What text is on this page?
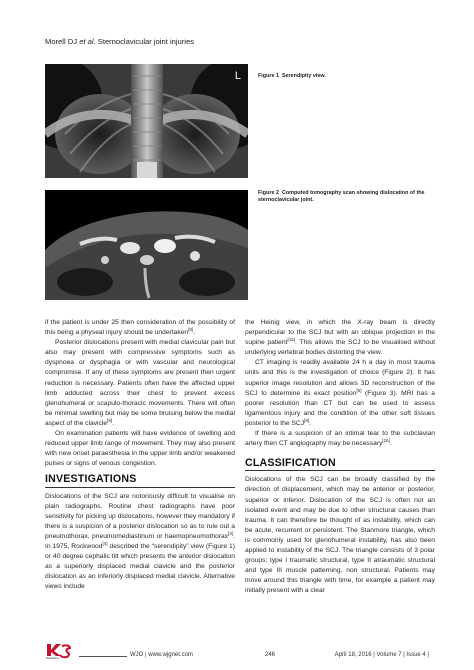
Morell DJ et al. Sternoclavicular joint injuries
L	Figure 1 Serendipity view.
Figure 2 Computed tomography scan showing dislocation of the sternoclavicular joint.

if the patient is under 25 then consideration of the possibility of this being a physeal injury should be undertaken[8].

Posterior dislocations present with medial clavicular pain but also may present with compressive symptoms such as dyspnoea or dysphagia or with vascular and neurological compromise. If any of these symptoms are present then urgent reduction is necessary. Patients often have the affected upper limb adducted across their chest to prevent excess glenohumeral or scapulo-thoracic movements. There will often be minimal swelling but may be some bruising below the medial aspect of the clavicle[9].

On examination patients will have evidence of swelling and reduced upper limb range of movement. They may also present with new onset paraesthesia in the upper limb and/or weakened pulses or signs of venous congestion.

INVESTIGATIONS

Dislocations of the SCJ are notoriously difficult to visualise on plain radiographs. Routine chest radiographs have poor sensitivity for picking up dislocations, however they mandatory if there is a suspicion of a posterior dislocation so as to rule out a pneumothorax, pneumomediastinum or haemopneumothorax[3]. In 1975, Rockwood[4] described the “serendipity” view (Figure 1) or 40 degree cephalic tilt which presents the anterior dislocation as a superiorly displaced medial clavicle and the posterior dislocation as an inferiorly displaced medial clavicle. Alternative views include

the Heinig view, in which the X-ray beam is directly perpendicular to the SCJ but with an oblique projection in the supine patient[15]. This allows the SCJ to be visualised without underlying vertebral bodies distorting the view.

CT imaging is readily available 24 h a day in most trauma units and this is the investigation of choice (Figure 2). It has superior image resolution and allows 3D reconstruction of the SCJ to determine its exact position[5] (Figure 3). MRI has a poorer resolution than CT but can be used to assess ligamentous injury and the condition of the other soft tissues posterior to the SCJ[8].

If there is a suspicion of an intimal tear to the subclavian artery then CT angiography may be necessary[16].

CLASSIFICATION

Dislocations of the SCJ can be broadly classified by the direction of displacement, which may be anterior or posterior, superior or inferior. Dislocation of the SCJ is often not an isolated event and may be due to other structural causes than trauma. It can therefore be thought of as instability, which can be acute, recurrent or persistent. The Stanmore triangle, which is commonly used for glenohumeral instability, has also been applied to instability of the SCJ. The triangle consists of 3 polar groups; type I traumatic structural, type II atraumatic structural and type III muscle patterning, non structural. Patients may move around this triangle with time, for example a patient may initially present with a clear

Baishideng
WJO | www.wjgnet.com	246	April 18, 2016 | Volume 7 | Issue 4 |
